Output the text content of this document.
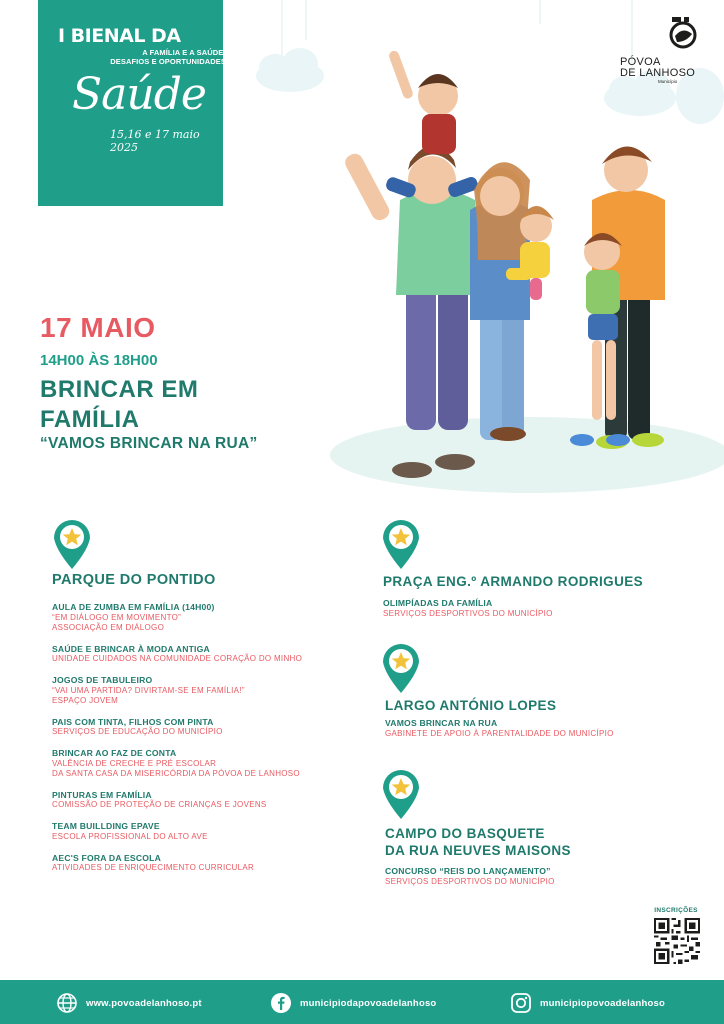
I BIENAL DA
A FAMÍLIA E A SAÚDE:
DESAFIOS E OPORTUNIDADES
Saúde
15,16 e 17 maio 2025
PÓVOA
DE LANHOSO
Município
17 MAIO
14H00 ÀS 18H00
BRINCAR EM
FAMÍLIA
“VAMOS BRINCAR NA RUA”
PARQUE DO PONTIDO
AULA DE ZUMBA EM FAMÍLIA (14H00)
“EM DIÁLOGO EM MOVIMENTO”
ASSOCIAÇÃO EM DIÁLOGO
SAÚDE E BRINCAR À MODA ANTIGA
UNIDADE CUIDADOS NA COMUNIDADE CORAÇÃO DO MINHO
JOGOS DE TABULEIRO
“VAI UMA PARTIDA? DIVIRTAM-SE EM FAMÍLIA!”
ESPAÇO JOVEM
PAIS COM TINTA, FILHOS COM PINTA
SERVIÇOS DE EDUCAÇÃO DO MUNICÍPIO
BRINCAR AO FAZ DE CONTA
VALÊNCIA DE CRECHE E PRÉ ESCOLAR
DA SANTA CASA DA MISERICÓRDIA DA PÓVOA DE LANHOSO
PINTURAS EM FAMÍLIA
COMISSÃO DE PROTEÇÃO DE CRIANÇAS E JOVENS
TEAM BUILLDING EPAVE
ESCOLA PROFISSIONAL DO ALTO AVE
AEC'S FORA DA ESCOLA
ATIVIDADES DE ENRIQUECIMENTO CURRICULAR
PRAÇA ENG.º ARMANDO RODRIGUES
OLIMPÍADAS DA FAMÍLIA
SERVIÇOS DESPORTIVOS DO MUNICÍPIO
LARGO ANTÓNIO LOPES
VAMOS BRINCAR NA RUA
GABINETE DE APOIO À PARENTALIDADE DO MUNICÍPIO
CAMPO DO BASQUETE
DA RUA NEUVES MAISONS
CONCURSO “REIS DO LANÇAMENTO”
SERVIÇOS DESPORTIVOS DO MUNICÍPIO
INSCRIÇÕES
www.povoadelanhoso.pt	municipiodapovoadelanhoso	municipiopovoadelanhoso
